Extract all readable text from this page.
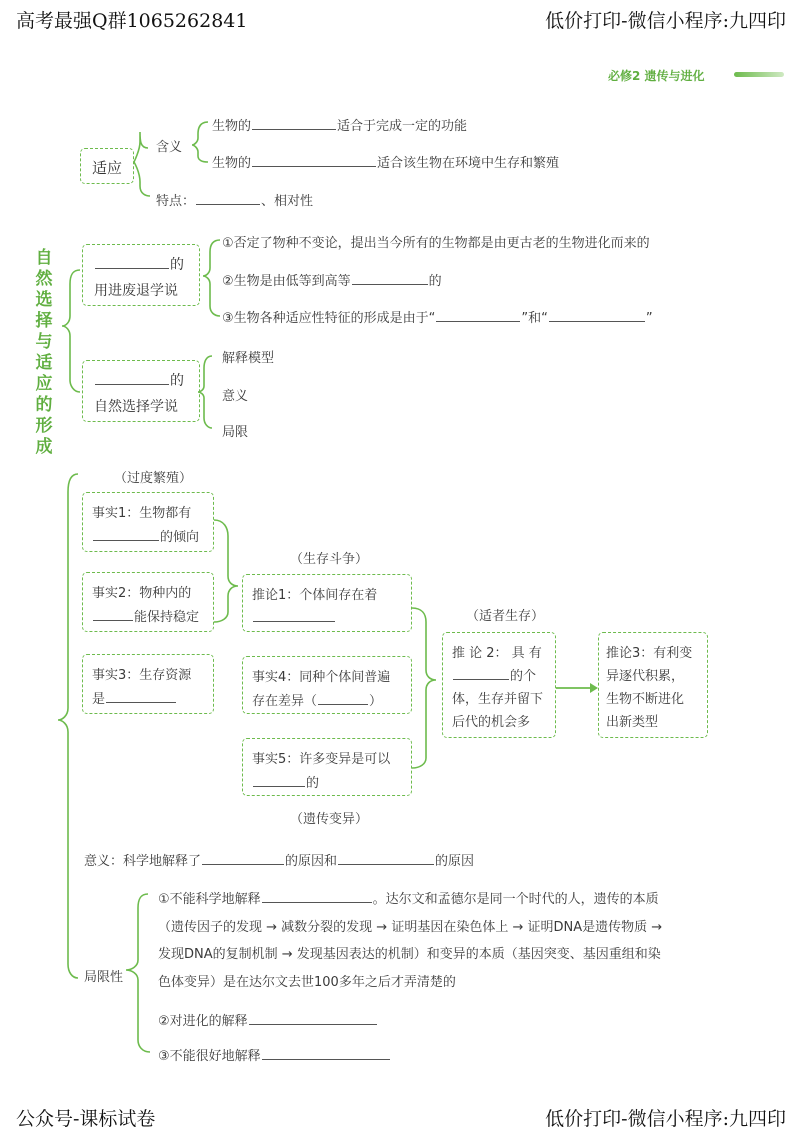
高考最强Q群1065262841	低价打印-微信小程序:九四印
公众号-课标试卷	低价打印-微信小程序:九四印
必修2 遗传与进化
自然选择与适应的形成
适应
含义
生物的	适合于完成一定的功能
生物的	适合该生物在环境中生存和繁殖
特点：	、相对性
的
用进废退学说
①否定了物种不变论，提出当今所有的生物都是由更古老的生物进化而来的
②生物是由低等到高等	的
③生物各种适应性特征的形成是由于“	”和“	”
的
自然选择学说
解释模型
意义
局限
（过度繁殖）
事实1：生物都有
的倾向
事实2：物种内的
能保持稳定
事实3：生存资源
是
（生存斗争）
推论1：个体间存在着
事实4：同种个体间普遍
存在差异（	）
事实5：许多变异是可以
的
（遗传变异）
（适者生存）
推 论 2： 具 有
的个
体，生存并留下
后代的机会多
推论3：有利变
异逐代积累，
生物不断进化
出新类型
意义：科学地解释了	的原因和	的原因
局限性
①不能科学地解释	。达尔文和孟德尔是同一个时代的人，遗传的本质
（遗传因子的发现 → 减数分裂的发现 → 证明基因在染色体上 → 证明DNA是遗传物质 →
发现DNA的复制机制 → 发现基因表达的机制）和变异的本质（基因突变、基因重组和染
色体变异）是在达尔文去世100多年之后才弄清楚的
②对进化的解释
③不能很好地解释
